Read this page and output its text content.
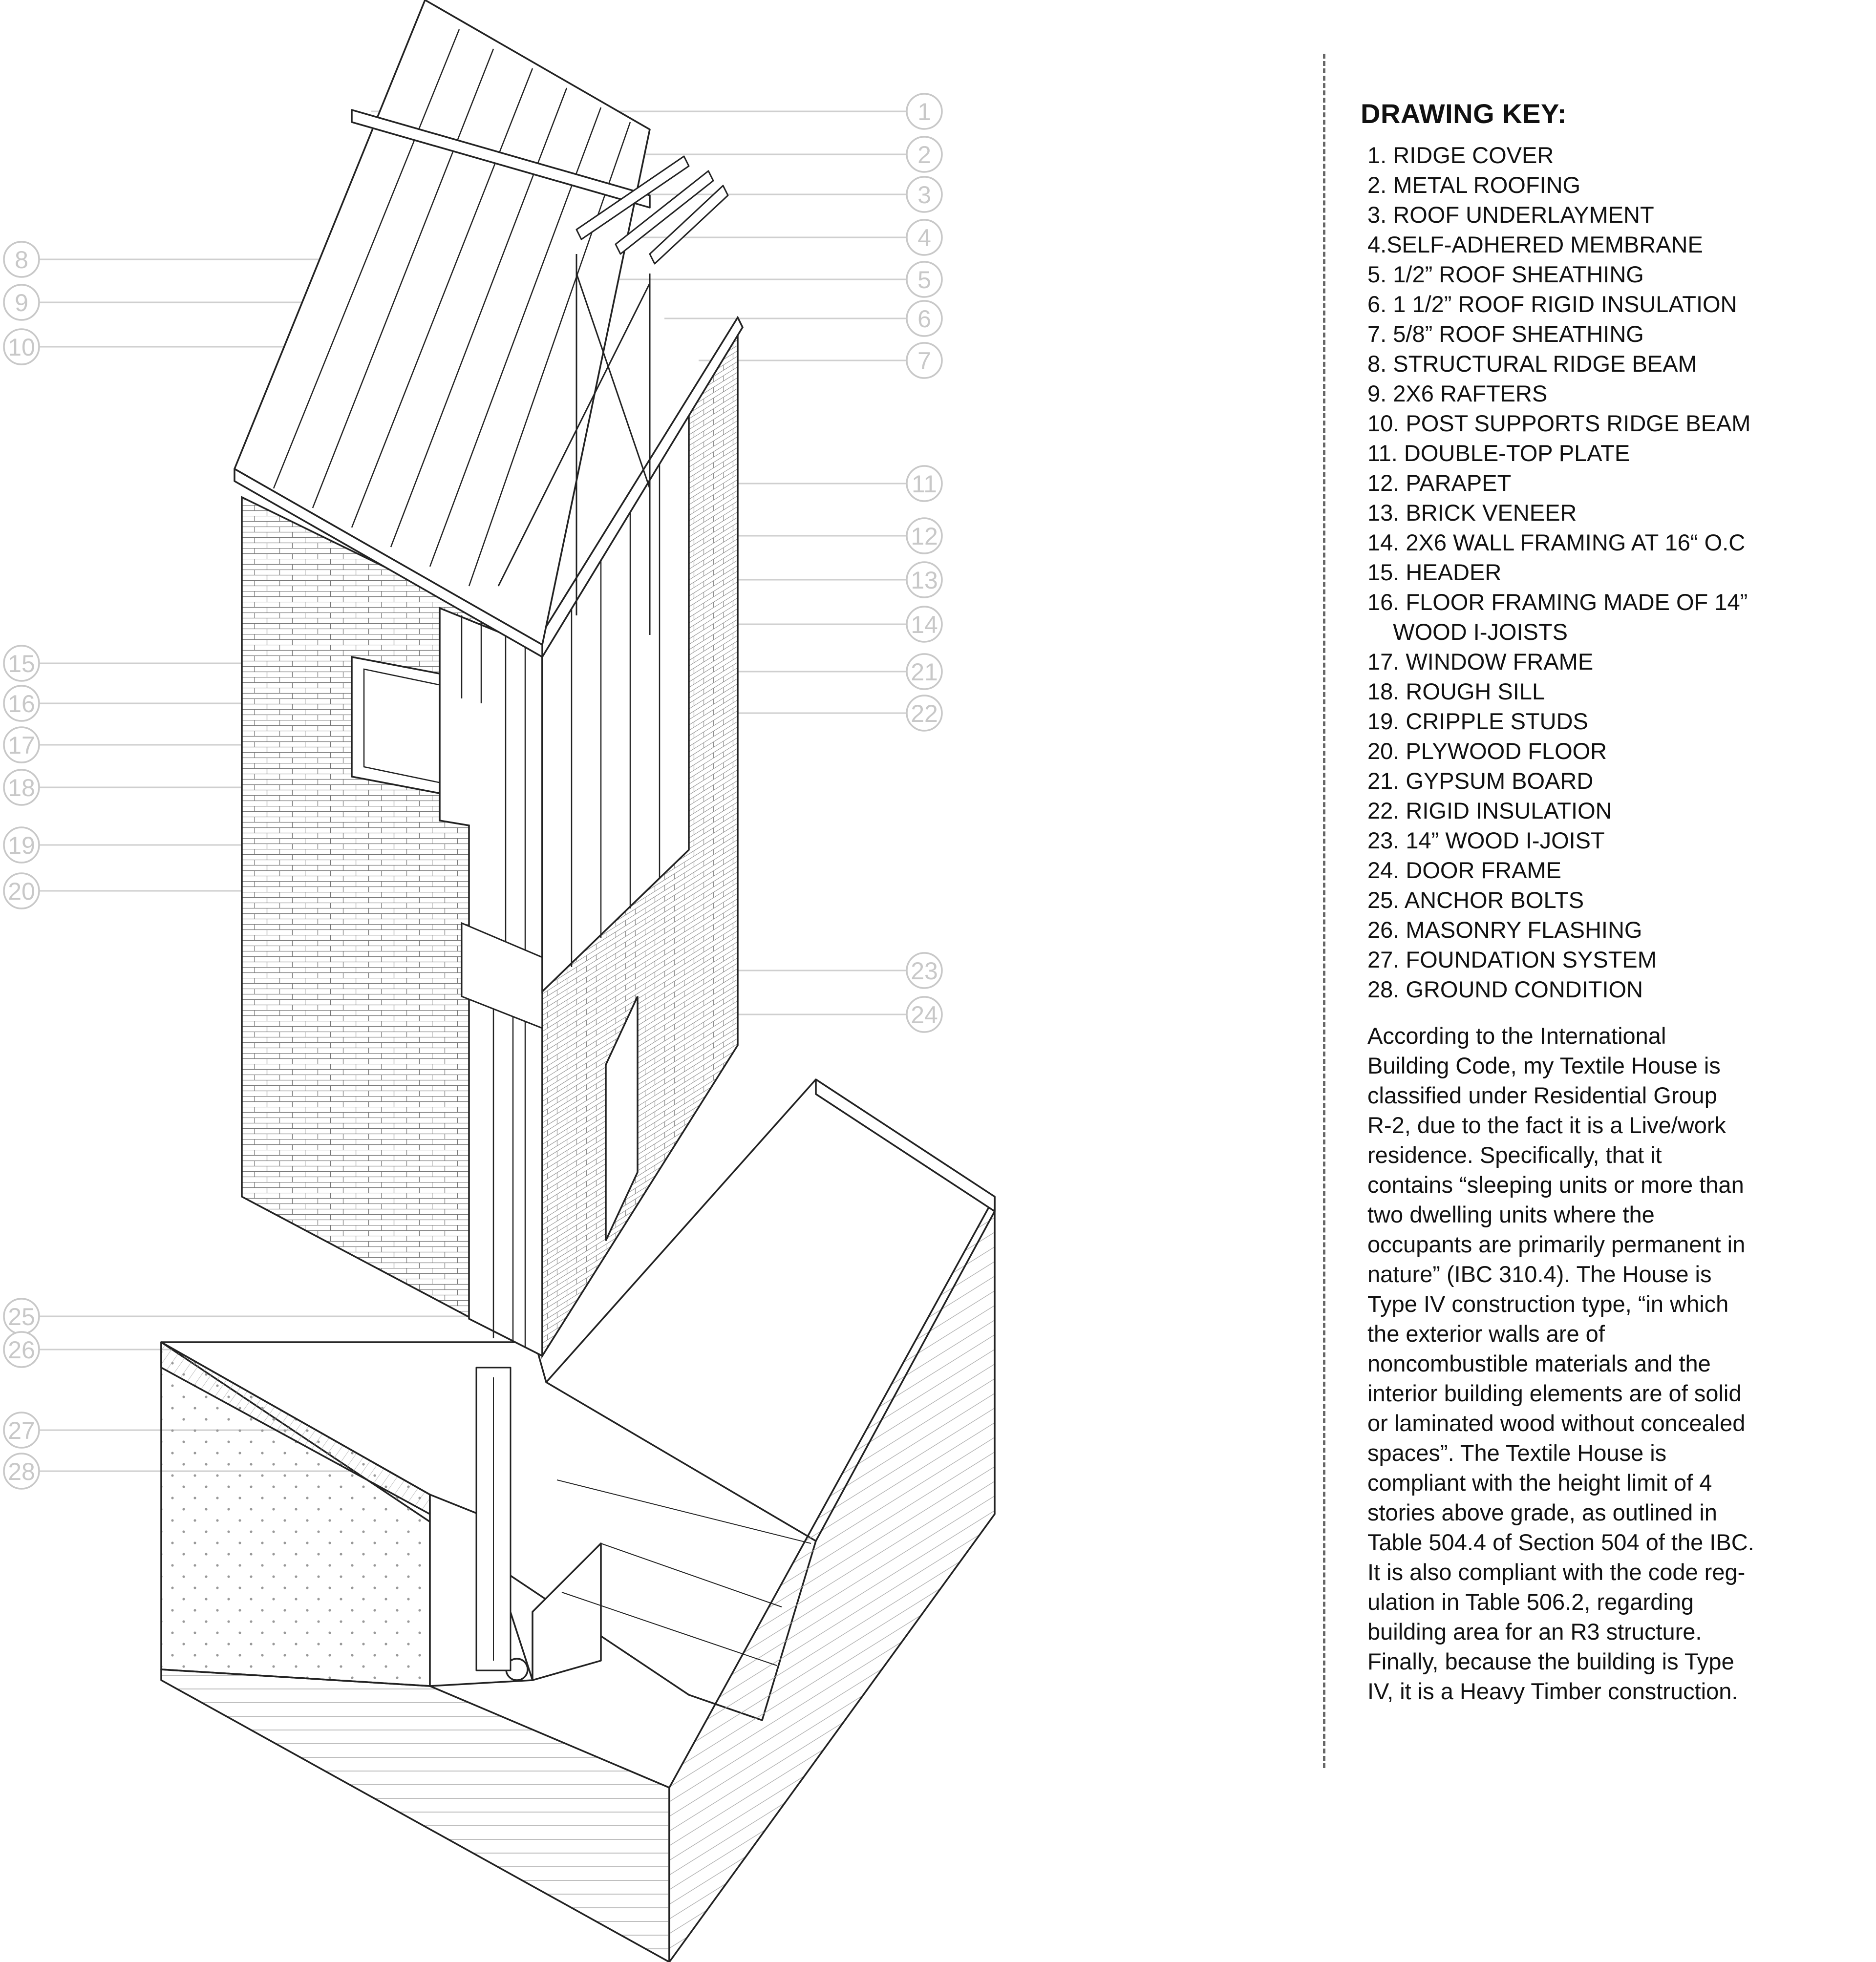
1
2
3
4
5
6
7
11
12
13
14
21
22
23
24
8
9
10
15
16
17
18
19
20
25
26
27
28
DRAWING KEY:
1. RIDGE COVER
2. METAL ROOFING
3. ROOF UNDERLAYMENT
4.SELF-ADHERED MEMBRANE
5. 1/2” ROOF SHEATHING
6. 1 1/2” ROOF RIGID INSULATION
7. 5/8” ROOF SHEATHING
8. STRUCTURAL RIDGE BEAM
9. 2X6 RAFTERS
10. POST SUPPORTS RIDGE BEAM
11. DOUBLE-TOP PLATE
12. PARAPET
13. BRICK VENEER
14. 2X6 WALL FRAMING AT 16“ O.C
15. HEADER
16. FLOOR FRAMING MADE OF 14”
WOOD I-JOISTS
17. WINDOW FRAME
18. ROUGH SILL
19. CRIPPLE STUDS
20. PLYWOOD FLOOR
21. GYPSUM BOARD
22. RIGID INSULATION
23. 14” WOOD I-JOIST
24. DOOR FRAME
25. ANCHOR BOLTS
26. MASONRY FLASHING
27. FOUNDATION SYSTEM
28. GROUND CONDITION

According to the International
Building Code, my Textile House is
classified under Residential Group
R-2, due to the fact it is a Live/work
residence. Specifically, that it
contains “sleeping units or more than
two dwelling units where the
occupants are primarily permanent in
nature” (IBC 310.4). The House is
Type IV construction type, “in which
the exterior walls are of
noncombustible materials and the
interior building elements are of solid
or laminated wood without concealed
spaces”. The Textile House is
compliant with the height limit of 4
stories above grade, as outlined in
Table 504.4 of Section 504 of the IBC.
It is also compliant with the code reg-
ulation in Table 506.2, regarding
building area for an R3 structure.
Finally, because the building is Type
IV, it is a Heavy Timber construction.
